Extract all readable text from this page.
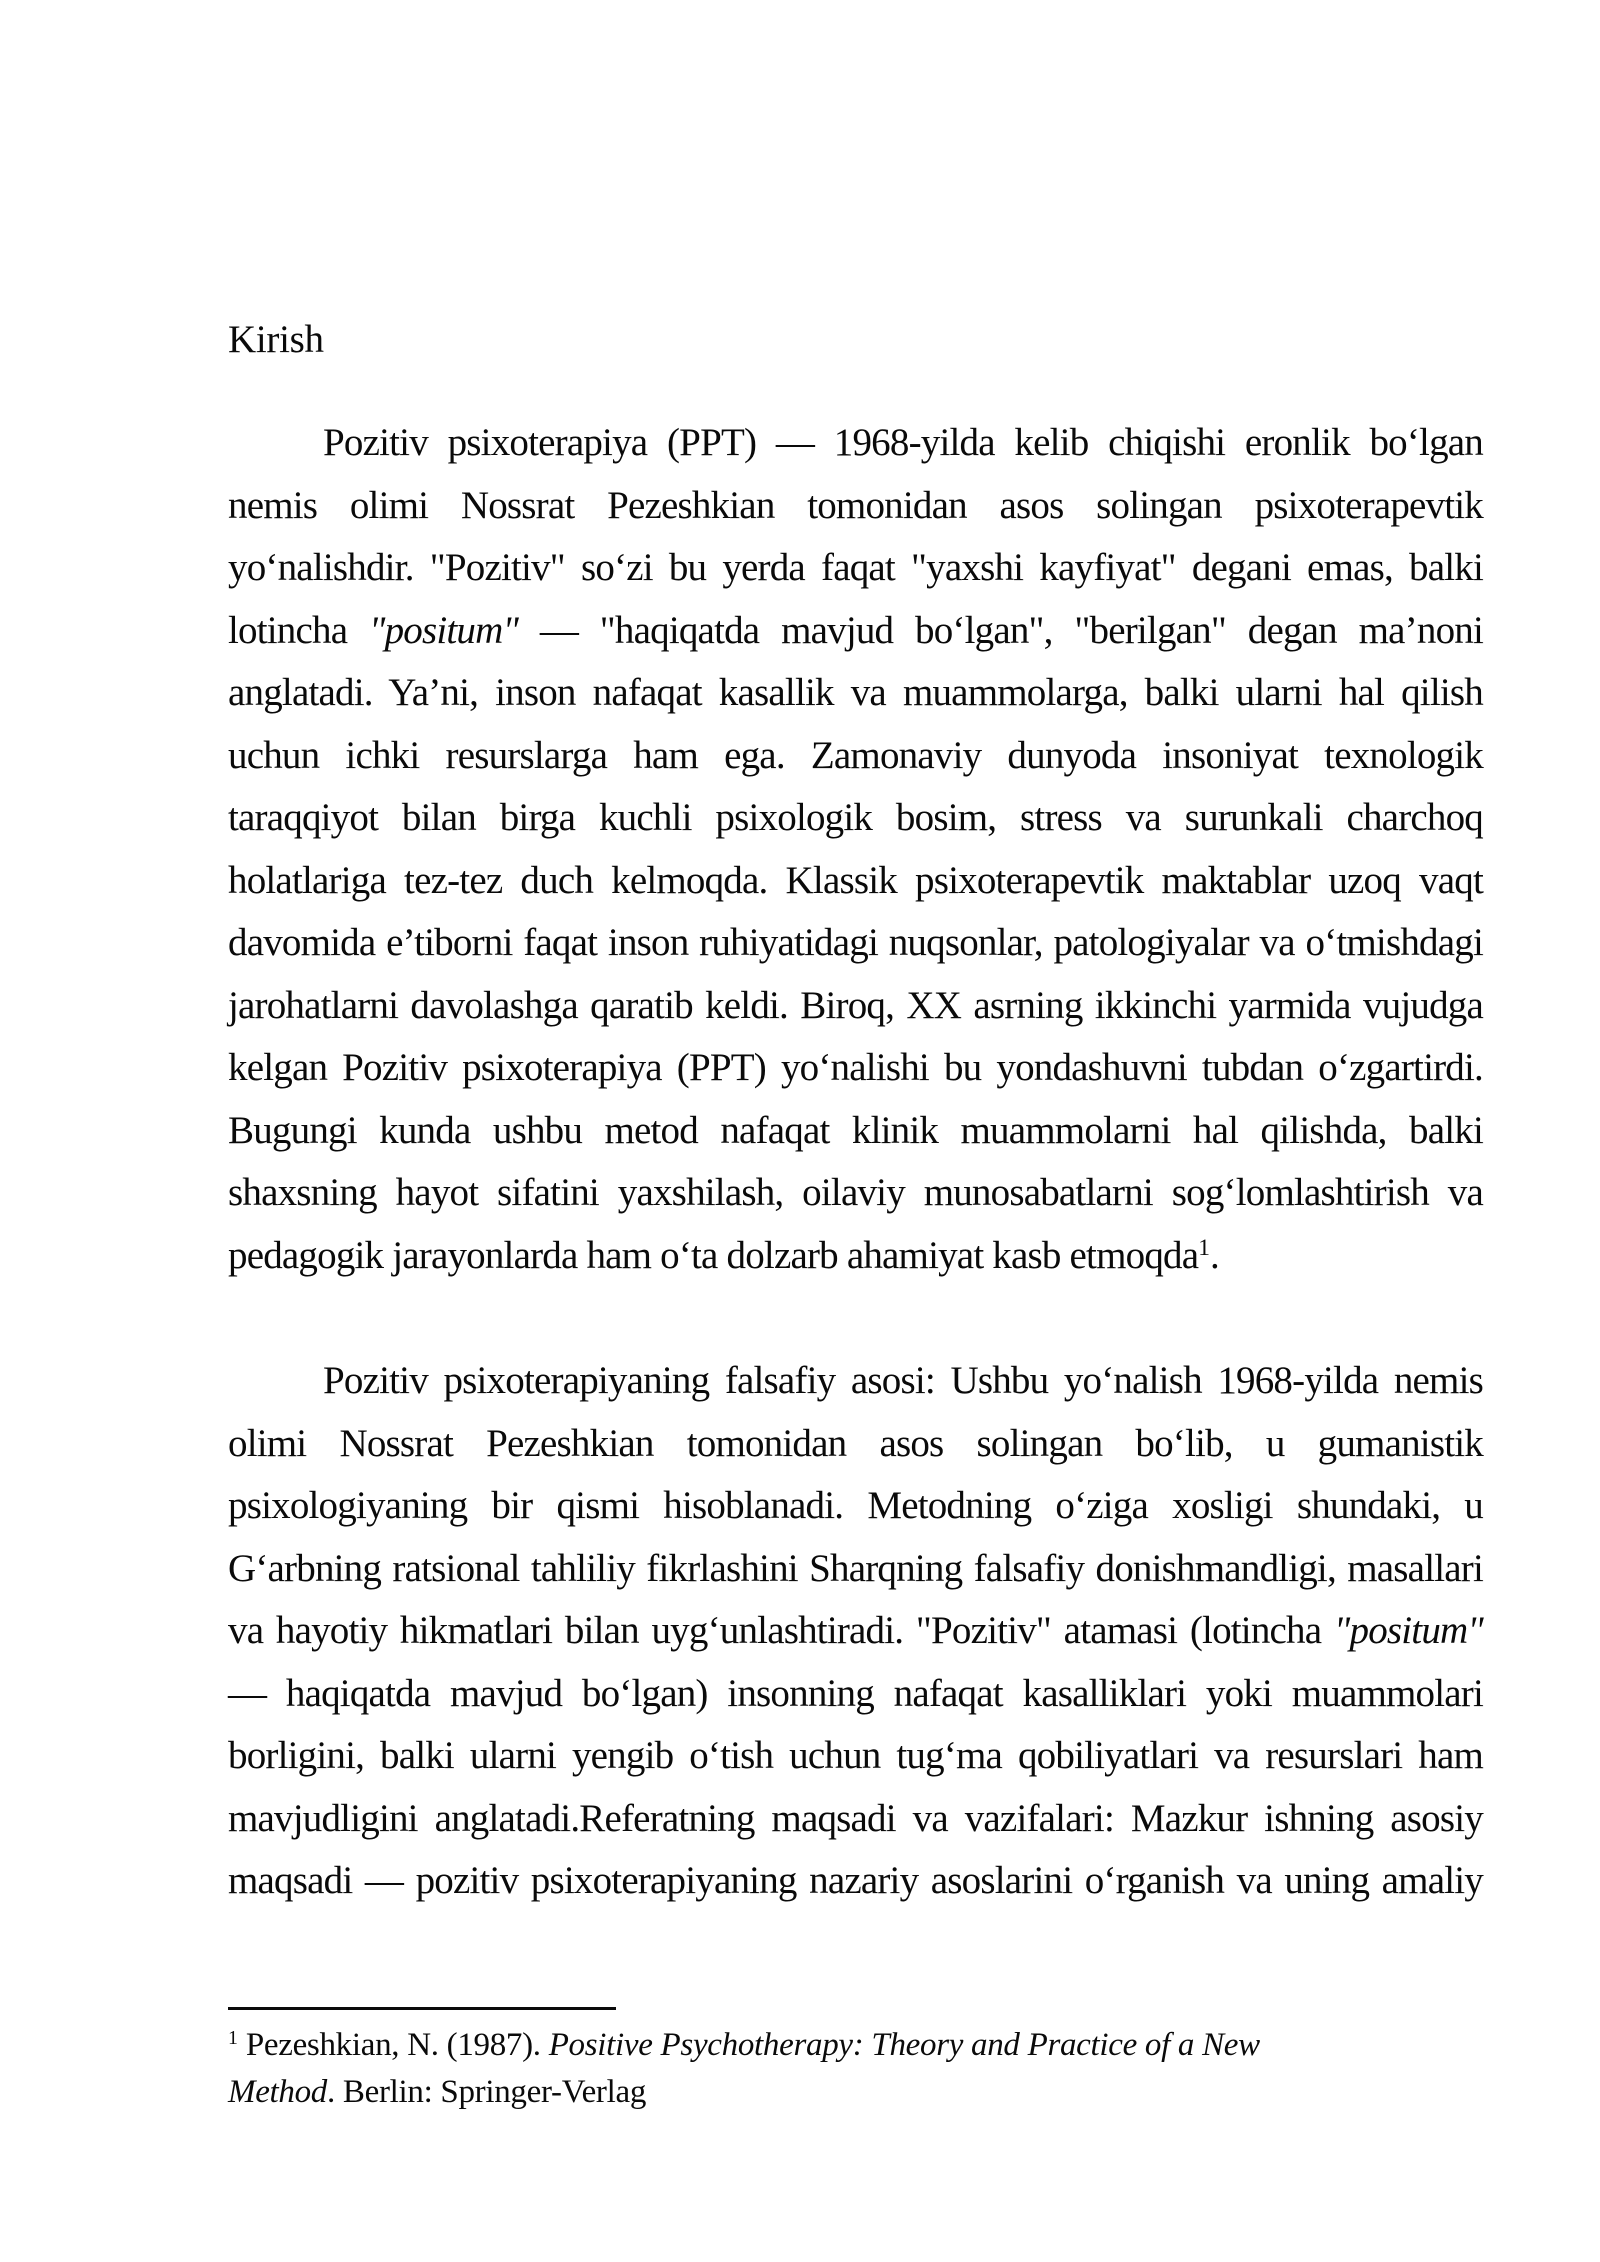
Kirish
Pozitiv psixoterapiya (PPT) — 1968-yilda kelib chiqishi eronlik bo‘lgan
nemis olimi Nossrat Pezeshkian tomonidan asos solingan psixoterapevtik
yo‘nalishdir. "Pozitiv" so‘zi bu yerda faqat "yaxshi kayfiyat" degani emas, balki
lotincha "positum" — "haqiqatda mavjud bo‘lgan", "berilgan" degan ma’noni
anglatadi. Ya’ni, inson nafaqat kasallik va muammolarga, balki ularni hal qilish
uchun ichki resurslarga ham ega. Zamonaviy dunyoda insoniyat texnologik
taraqqiyot bilan birga kuchli psixologik bosim, stress va surunkali charchoq
holatlariga tez-tez duch kelmoqda. Klassik psixoterapevtik maktablar uzoq vaqt
davomida e’tiborni faqat inson ruhiyatidagi nuqsonlar, patologiyalar va o‘tmishdagi
jarohatlarni davolashga qaratib keldi. Biroq, XX asrning ikkinchi yarmida vujudga
kelgan Pozitiv psixoterapiya (PPT) yo‘nalishi bu yondashuvni tubdan o‘zgartirdi.
Bugungi kunda ushbu metod nafaqat klinik muammolarni hal qilishda, balki
shaxsning hayot sifatini yaxshilash, oilaviy munosabatlarni sog‘lomlashtirish va
pedagogik jarayonlarda ham o‘ta dolzarb ahamiyat kasb etmoqda$^1$.
Pozitiv psixoterapiyaning falsafiy asosi: Ushbu yo‘nalish 1968-yilda nemis
olimi Nossrat Pezeshkian tomonidan asos solingan bo‘lib, u gumanistik
psixologiyaning bir qismi hisoblanadi. Metodning o‘ziga xosligi shundaki, u
G‘arbning ratsional tahliliy fikrlashini Sharqning falsafiy donishmandligi, masallari
va hayotiy hikmatlari bilan uyg‘unlashtiradi. "Pozitiv" atamasi (lotincha "positum"
— haqiqatda mavjud bo‘lgan) insonning nafaqat kasalliklari yoki muammolari
borligini, balki ularni yengib o‘tish uchun tug‘ma qobiliyatlari va resurslari ham
mavjudligini anglatadi.Referatning maqsadi va vazifalari: Mazkur ishning asosiy
maqsadi — pozitiv psixoterapiyaning nazariy asoslarini o‘rganish va uning amaliy
$^1$ Pezeshkian, N. (1987). Positive Psychotherapy: Theory and Practice of a New
Method. Berlin: Springer-Verlag
